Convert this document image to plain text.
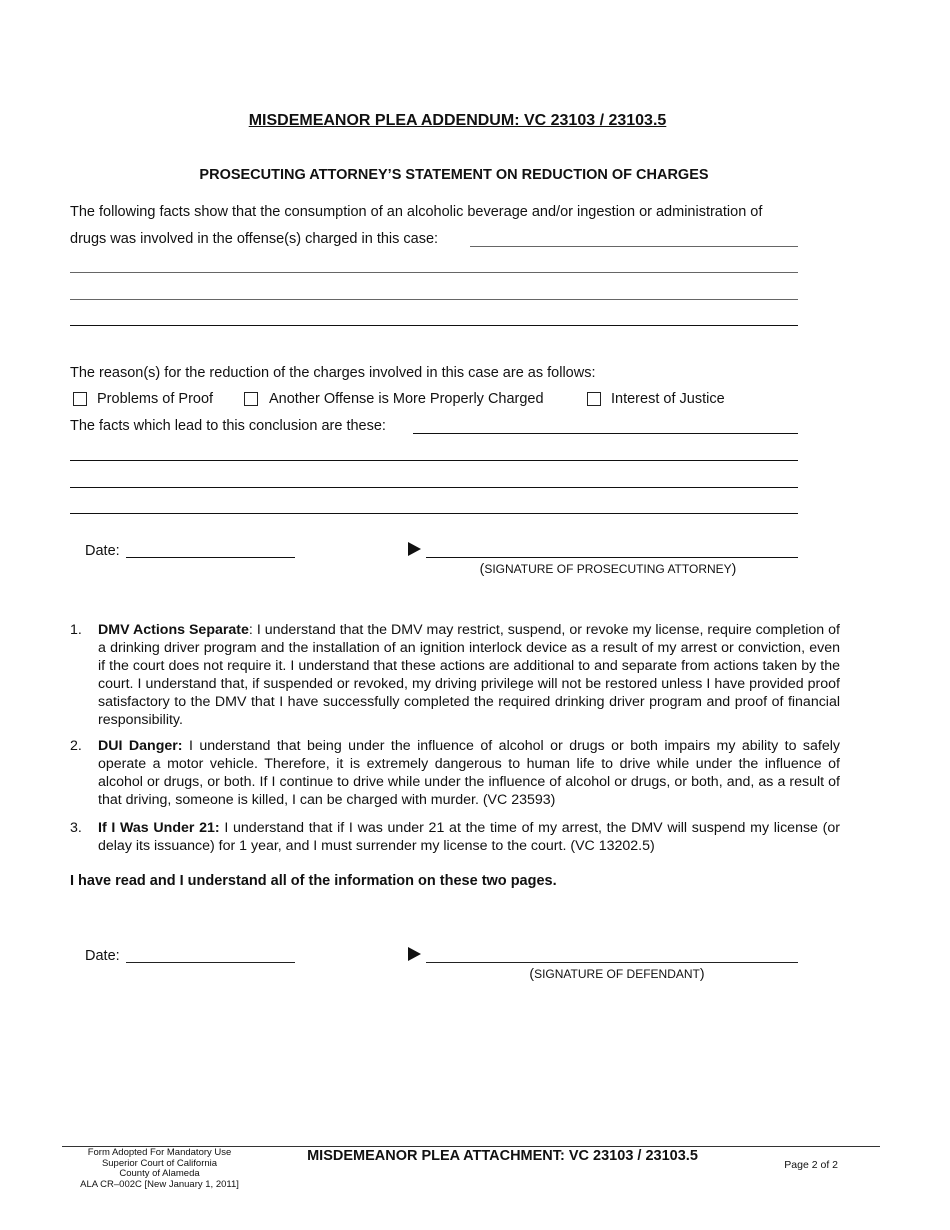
MISDEMEANOR PLEA ADDENDUM: VC 23103 / 23103.5
PROSECUTING ATTORNEY’S STATEMENT ON REDUCTION OF CHARGES
The following facts show that the consumption of an alcoholic beverage and/or ingestion or administration of
drugs was involved in the offense(s) charged in this case:
The reason(s) for the reduction of the charges involved in this case are as follows:
Problems of Proof	Another Offense is More Properly Charged	Interest of Justice
The facts which lead to this conclusion are these:
Date:
(SIGNATURE OF PROSECUTING ATTORNEY)
1. DMV Actions Separate: I understand that the DMV may restrict, suspend, or revoke my license, require completion of a drinking driver program and the installation of an ignition interlock device as a result of my arrest or conviction, even if the court does not require it. I understand that these actions are additional to and separate from actions taken by the court. I understand that, if suspended or revoked, my driving privilege will not be restored unless I have provided proof satisfactory to the DMV that I have successfully completed the required drinking driver program and proof of financial responsibility.
2. DUI Danger: I understand that being under the influence of alcohol or drugs or both impairs my ability to safely operate a motor vehicle. Therefore, it is extremely dangerous to human life to drive while under the influence of alcohol or drugs, or both. If I continue to drive while under the influence of alcohol or drugs, or both, and, as a result of that driving, someone is killed, I can be charged with murder. (VC 23593)
3. If I Was Under 21: I understand that if I was under 21 at the time of my arrest, the DMV will suspend my license (or delay its issuance) for 1 year, and I must surrender my license to the court. (VC 13202.5)
I have read and I understand all of the information on these two pages.
Date:
(SIGNATURE OF DEFENDANT)
Form Adopted For Mandatory Use
Superior Court of California
County of Alameda
ALA CR–002C [New January 1, 2011]
MISDEMEANOR PLEA ATTACHMENT: VC 23103 / 23103.5
Page 2 of 2
